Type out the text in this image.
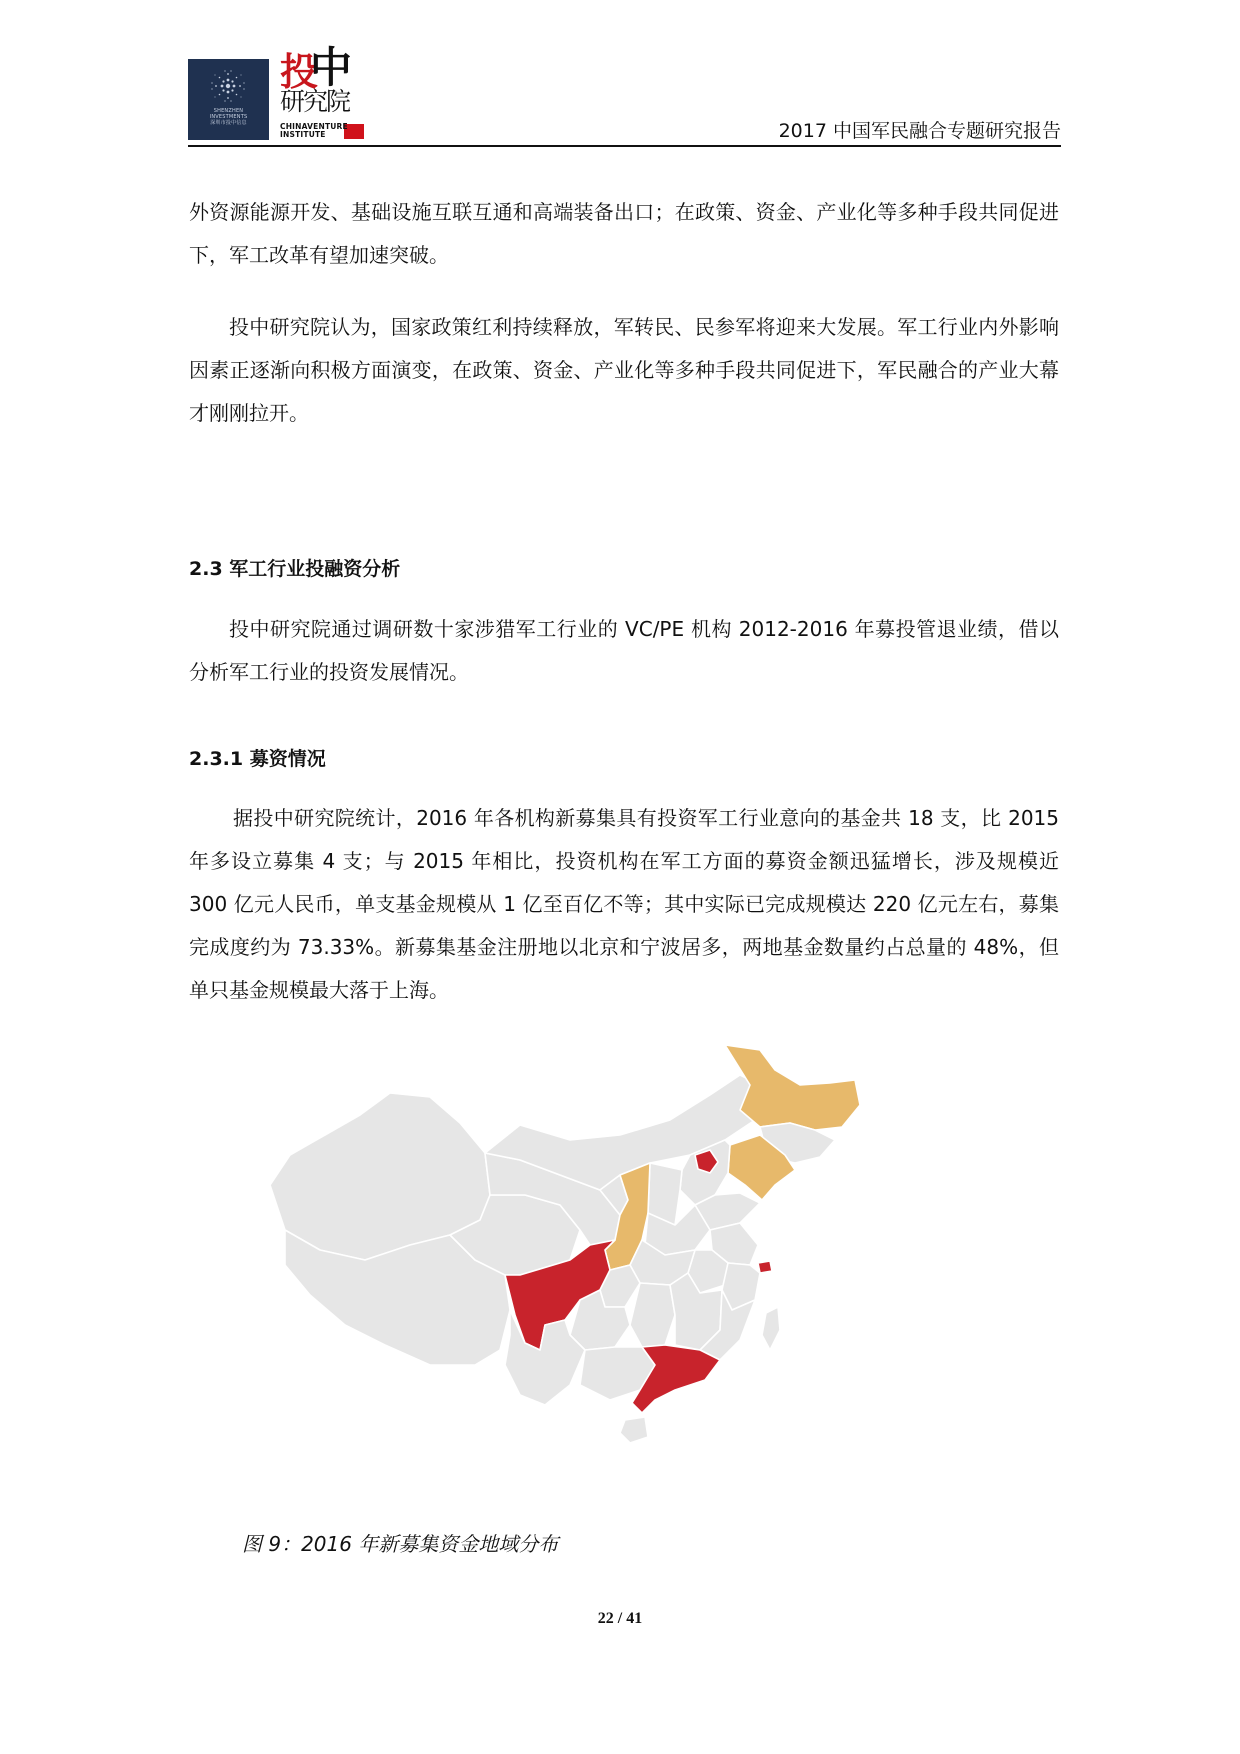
SHENZHEN
INVESTMENTS
深圳市投中信息
投
中
研究院
CHINAVENTURE
INSTITUTE	2017 中国军民融合专题研究报告

外资源能源开发、基础设施互联互通和高端装备出口；在政策、资金、产业化等多种手段共同促进下，军工改革有望加速突破。

投中研究院认为，国家政策红利持续释放，军转民、民参军将迎来大发展。军工行业内外影响因素正逐渐向积极方面演变，在政策、资金、产业化等多种手段共同促进下，军民融合的产业大幕才刚刚拉开。

2.3 军工行业投融资分析

投中研究院通过调研数十家涉猎军工行业的 VC/PE 机构 2012-2016 年募投管退业绩，借以分析军工行业的投资发展情况。

2.3.1 募资情况

据投中研究院统计，2016 年各机构新募集具有投资军工行业意向的基金共 18 支，比 2015 年多设立募集 4 支；与 2015 年相比，投资机构在军工方面的募资金额迅猛增长，涉及规模近 300 亿元人民币，单支基金规模从 1 亿至百亿不等；其中实际已完成规模达 220 亿元左右，募集完成度约为 73.33%。新募集基金注册地以北京和宁波居多，两地基金数量约占总量的 48%，但单只基金规模最大落于上海。

图 9：2016 年新募集资金地域分布
22 / 41
